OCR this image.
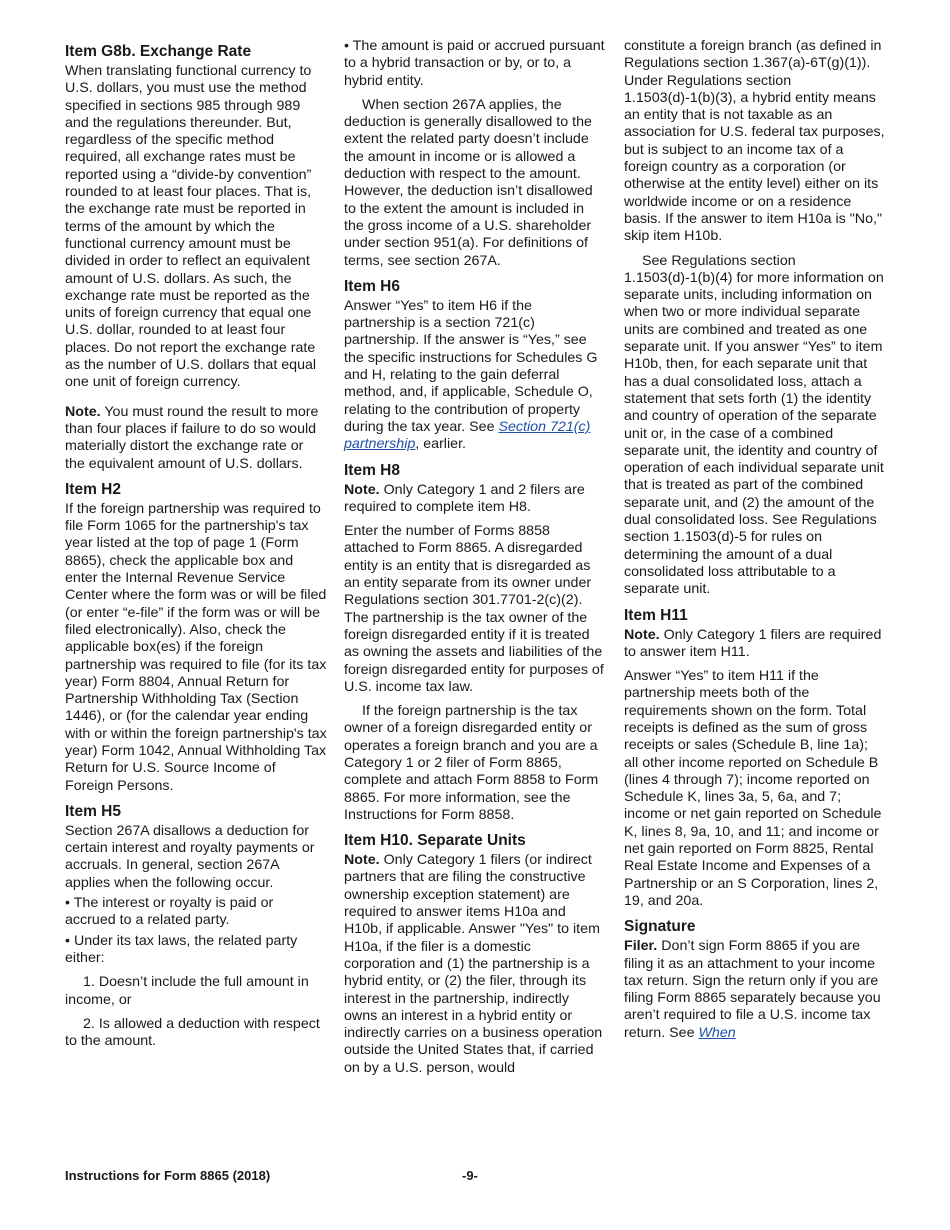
Item G8b. Exchange Rate

When translating functional currency to U.S. dollars, you must use the method specified in sections 985 through 989 and the regulations thereunder. But, regardless of the specific method required, all exchange rates must be reported using a “divide-by convention” rounded to at least four places. That is, the exchange rate must be reported in terms of the amount by which the functional currency amount must be divided in order to reflect an equivalent amount of U.S. dollars. As such, the exchange rate must be reported as the units of foreign currency that equal one U.S. dollar, rounded to at least four places. Do not report the exchange rate as the number of U.S. dollars that equal one unit of foreign currency.

Note. You must round the result to more than four places if failure to do so would materially distort the exchange rate or the equivalent amount of U.S. dollars.

Item H2

If the foreign partnership was required to file Form 1065 for the partnership's tax year listed at the top of page 1 (Form 8865), check the applicable box and enter the Internal Revenue Service Center where the form was or will be filed (or enter “e-file” if the form was or will be filed electronically). Also, check the applicable box(es) if the foreign partnership was required to file (for its tax year) Form 8804, Annual Return for Partnership Withholding Tax (Section 1446), or (for the calendar year ending with or within the foreign partnership's tax year) Form 1042, Annual Withholding Tax Return for U.S. Source Income of Foreign Persons.

Item H5

Section 267A disallows a deduction for certain interest and royalty payments or accruals. In general, section 267A applies when the following occur.

• The interest or royalty is paid or accrued to a related party.

• Under its tax laws, the related party either:

1. Doesn’t include the full amount in income, or

2. Is allowed a deduction with respect to the amount.

• The amount is paid or accrued pursuant to a hybrid transaction or by, or to, a hybrid entity.

When section 267A applies, the deduction is generally disallowed to the extent the related party doesn’t include the amount in income or is allowed a deduction with respect to the amount. However, the deduction isn’t disallowed to the extent the amount is included in the gross income of a U.S. shareholder under section 951(a). For definitions of terms, see section 267A.

Item H6

Answer “Yes” to item H6 if the partnership is a section 721(c) partnership. If the answer is “Yes,” see the specific instructions for Schedules G and H, relating to the gain deferral method, and, if applicable, Schedule O, relating to the contribution of property during the tax year. See Section 721(c) partnership, earlier.

Item H8

Note. Only Category 1 and 2 filers are required to complete item H8.

Enter the number of Forms 8858 attached to Form 8865. A disregarded entity is an entity that is disregarded as an entity separate from its owner under Regulations section 301.7701-2(c)(2). The partnership is the tax owner of the foreign disregarded entity if it is treated as owning the assets and liabilities of the foreign disregarded entity for purposes of U.S. income tax law.

If the foreign partnership is the tax owner of a foreign disregarded entity or operates a foreign branch and you are a Category 1 or 2 filer of Form 8865, complete and attach Form 8858 to Form 8865. For more information, see the Instructions for Form 8858.

Item H10. Separate Units

Note. Only Category 1 filers (or indirect partners that are filing the constructive ownership exception statement) are required to answer items H10a and H10b, if applicable. Answer "Yes" to item H10a, if the filer is a domestic corporation and (1) the partnership is a hybrid entity, or (2) the filer, through its interest in the partnership, indirectly owns an interest in a hybrid entity or indirectly carries on a business operation outside the United States that, if carried on by a U.S. person, would

constitute a foreign branch (as defined in Regulations section 1.367(a)-6T(g)(1)). Under Regulations section 1.1503(d)-1(b)(3), a hybrid entity means an entity that is not taxable as an association for U.S. federal tax purposes, but is subject to an income tax of a foreign country as a corporation (or otherwise at the entity level) either on its worldwide income or on a residence basis. If the answer to item H10a is "No," skip item H10b.

See Regulations section 1.1503(d)-1(b)(4) for more information on separate units, including information on when two or more individual separate units are combined and treated as one separate unit. If you answer “Yes” to item H10b, then, for each separate unit that has a dual consolidated loss, attach a statement that sets forth (1) the identity and country of operation of the separate unit or, in the case of a combined separate unit, the identity and country of operation of each individual separate unit that is treated as part of the combined separate unit, and (2) the amount of the dual consolidated loss. See Regulations section 1.1503(d)-5 for rules on determining the amount of a dual consolidated loss attributable to a separate unit.

Item H11

Note. Only Category 1 filers are required to answer item H11.

Answer “Yes” to item H11 if the partnership meets both of the requirements shown on the form. Total receipts is defined as the sum of gross receipts or sales (Schedule B, line 1a); all other income reported on Schedule B (lines 4 through 7); income reported on Schedule K, lines 3a, 5, 6a, and 7; income or net gain reported on Schedule K, lines 8, 9a, 10, and 11; and income or net gain reported on Form 8825, Rental Real Estate Income and Expenses of a Partnership or an S Corporation, lines 2, 19, and 20a.

Signature

Filer. Don’t sign Form 8865 if you are filing it as an attachment to your income tax return. Sign the return only if you are filing Form 8865 separately because you aren’t required to file a U.S. income tax return. See When

Instructions for Form 8865 (2018)	-9-
